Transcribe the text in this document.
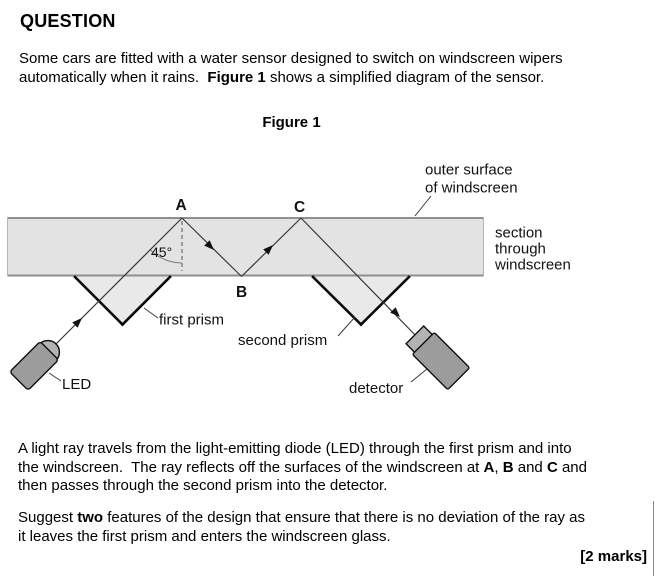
QUESTION
Some cars are fitted with a water sensor designed to switch on windscreen wipers
automatically when it rains.  Figure 1 shows a simplified diagram of the sensor.
Figure 1
A
B
C
45°
outer surface
of windscreen
section
through
windscreen
first prism
second prism
LED	detector
A light ray travels from the light-emitting diode (LED) through the first prism and into
the windscreen.  The ray reflects off the surfaces of the windscreen at A, B and C and
then passes through the second prism into the detector.
Suggest two features of the design that ensure that there is no deviation of the ray as
it leaves the first prism and enters the windscreen glass.
[2 marks]
